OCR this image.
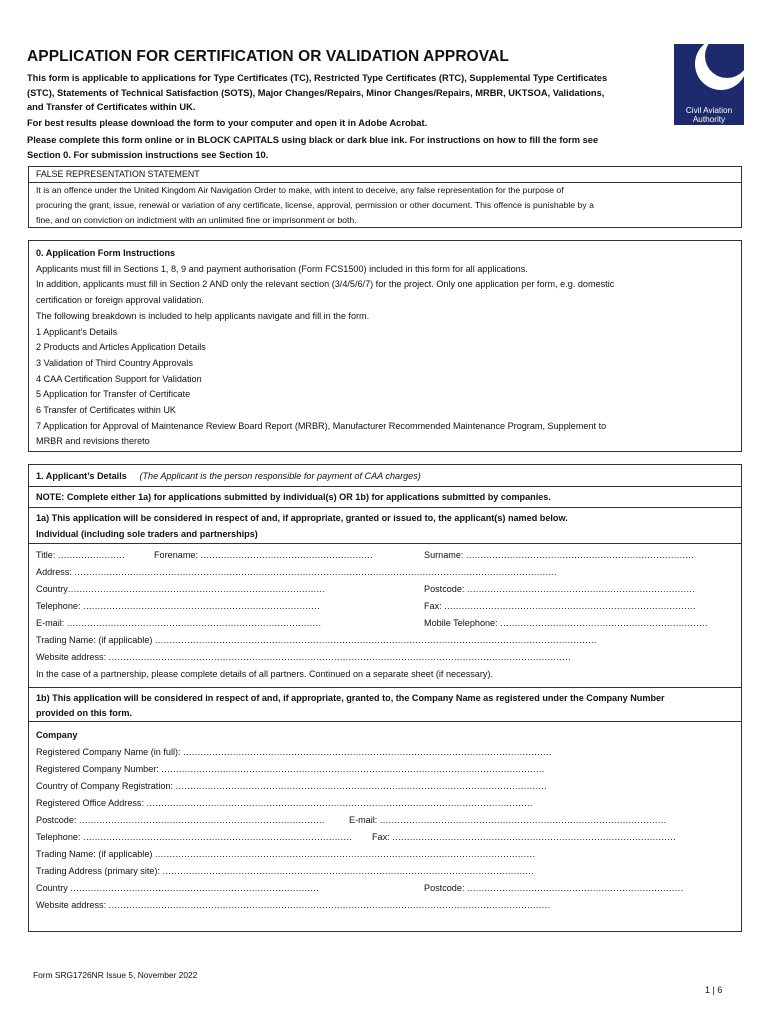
APPLICATION FOR CERTIFICATION OR VALIDATION APPROVAL
This form is applicable to applications for Type Certificates (TC), Restricted Type Certificates (RTC), Supplemental Type Certificates
(STC), Statements of Technical Satisfaction (SOTS), Major Changes/Repairs, Minor Changes/Repairs, MRBR, UKTSOA, Validations,
and Transfer of Certificates within UK.
For best results please download the form to your computer and open it in Adobe Acrobat.
Please complete this form online or in BLOCK CAPITALS using black or dark blue ink. For instructions on how to fill the form see
Section 0. For submission instructions see Section 10.
Civil Aviation
Authority
FALSE REPRESENTATION STATEMENT
It is an offence under the United Kingdom Air Navigation Order to make, with intent to deceive, any false representation for the purpose of
procuring the grant, issue, renewal or variation of any certificate, license, approval, permission or other document. This offence is punishable by a
fine, and on conviction on indictment with an unlimited fine or imprisonment or both.
0. Application Form Instructions
Applicants must fill in Sections 1, 8, 9 and payment authorisation (Form FCS1500) included in this form for all applications.
In addition, applicants must fill in Section 2 AND only the relevant section (3/4/5/6/7) for the project. Only one application per form, e.g. domestic
certification or foreign approval validation.
The following breakdown is included to help applicants navigate and fill in the form.
1 Applicant’s Details
2 Products and Articles Application Details
3 Validation of Third Country Approvals
4 CAA Certification Support for Validation
5 Application for Transfer of Certificate
6 Transfer of Certificates within UK
7 Application for Approval of Maintenance Review Board Report (MRBR), Manufacturer Recommended Maintenance Program, Supplement to
MRBR and revisions thereto
1. Applicant’s Details (The Applicant is the person responsible for payment of CAA charges)
NOTE: Complete either 1a) for applications submitted by individual(s) OR 1b) for applications submitted by companies.
1a) This application will be considered in respect of and, if appropriate, granted or issued to, the applicant(s) named below.
Individual (including sole traders and partnerships)
Title: .......................	Forename: ...........................................................	Surname: ..............................................................................
Address: .....................................................................................................................................................................
Country........................................................................................	Postcode: ..............................................................................
Telephone: .................................................................................	Fax: ......................................................................................
E-mail: .......................................................................................	Mobile Telephone: .......................................................................
Trading Name: (if applicable) .......................................................................................................................................................
Website address: ..............................................................................................................................................................
In the case of a partnership, please complete details of all partners. Continued on a separate sheet (if necessary).
1b) This application will be considered in respect of and, if appropriate, granted to, the Company Name as registered under the Company Number
provided on this form.
Company
Registered Company Name (in full): ..............................................................................................................................
Registered Company Number: ...................................................................................................................................
Country of Company Registration: ...............................................................................................................................
Registered Office Address: ....................................................................................................................................
Postcode: ....................................................................................	E-mail: ..................................................................................................
Telephone: ............................................................................................ Fax: .................................................................................................
Trading Name: (if applicable) ..................................................................................................................................
Trading Address (primary site): ...............................................................................................................................
Country .....................................................................................	Postcode: ..........................................................................
Website address: .......................................................................................................................................................
Form SRG1726NR Issue 5, November 2022
1 | 6
